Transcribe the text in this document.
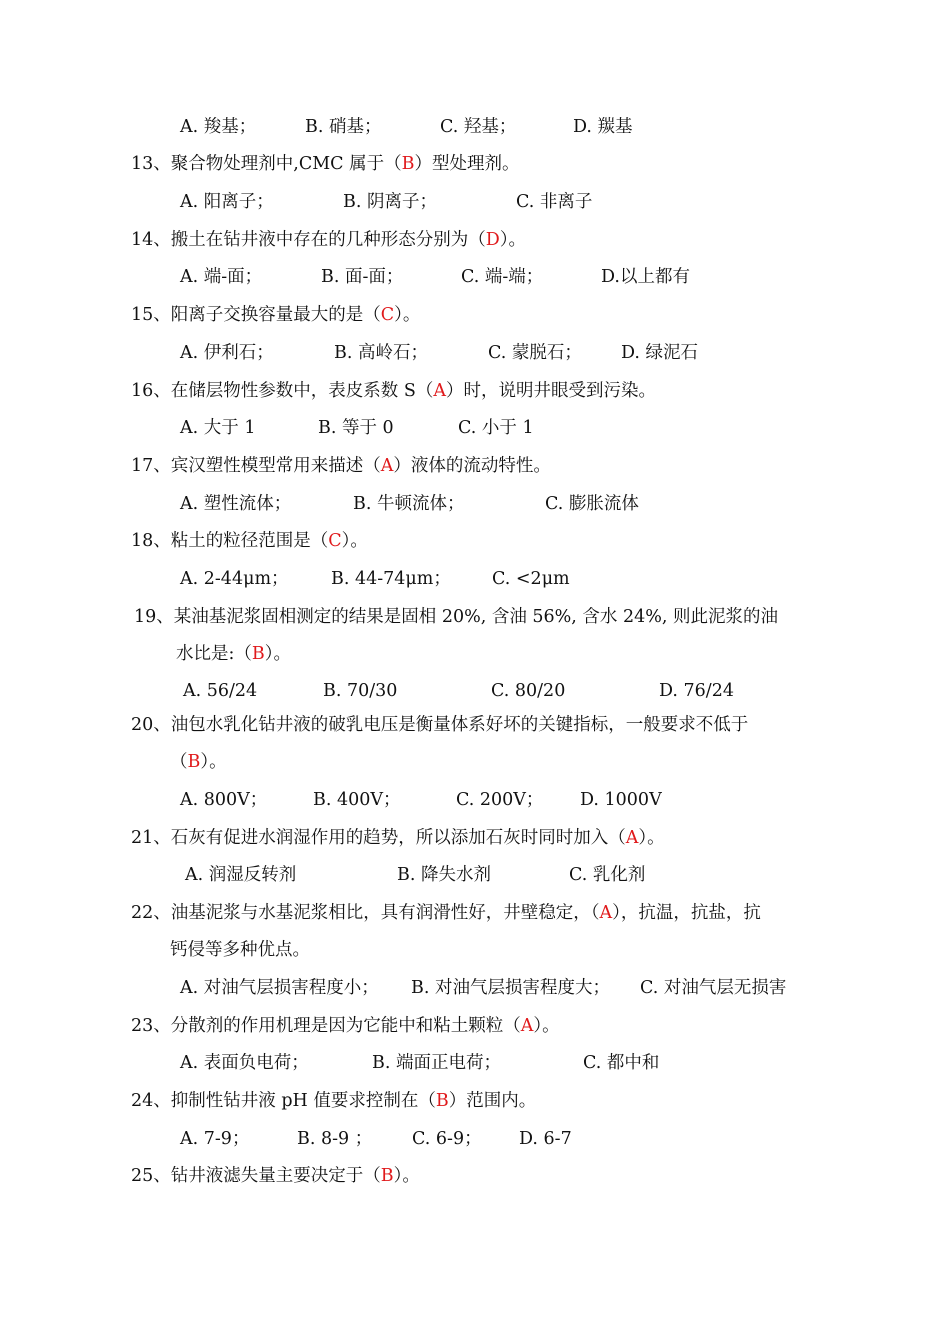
A. 羧基；	B. 硝基；	C. 羟基；	D. 羰基
13、聚合物处理剂中,CMC 属于（B）型处理剂。
A. 阳离子；	B. 阴离子；	C. 非离子
14、搬土在钻井液中存在的几种形态分别为（D）。
A. 端-面；	B. 面-面；	C. 端-端；	D.以上都有
15、阳离子交换容量最大的是（C）。
A. 伊利石；	B. 高岭石；	C. 蒙脱石； D. 绿泥石
16、在储层物性参数中，表皮系数 S（A）时，说明井眼受到污染。
A. 大于 1	B. 等于 0	C. 小于 1
17、宾汉塑性模型常用来描述（A）液体的流动特性。
A. 塑性流体；	B. 牛顿流体；	C. 膨胀流体
18、粘土的粒径范围是（C）。
A. 2-44μm； B. 44-74μm； C. <2μm
19、某油基泥浆固相测定的结果是固相 20%, 含油 56%, 含水 24%, 则此泥浆的油
水比是:（B）。
A. 56/24	B. 70/30	C. 80/20	D. 76/24
20、油包水乳化钻井液的破乳电压是衡量体系好坏的关键指标，一般要求不低于
（B）。
A. 800V；	B. 400V；	C. 200V； D. 1000V
21、石灰有促进水润湿作用的趋势，所以添加石灰时同时加入（A）。
A. 润湿反转剂	B. 降失水剂	C. 乳化剂
22、油基泥浆与水基泥浆相比，具有润滑性好，井壁稳定，（A），抗温，抗盐，抗
钙侵等多种优点。
A. 对油气层损害程度小； B. 对油气层损害程度大； C. 对油气层无损害
23、分散剂的作用机理是因为它能中和粘土颗粒（A）。
A. 表面负电荷；	B. 端面正电荷；	C. 都中和
24、抑制性钻井液 pH 值要求控制在（B）范围内。
A. 7-9；	B. 8-9 ； C. 6-9； D. 6-7
25、钻井液滤失量主要决定于（B）。
